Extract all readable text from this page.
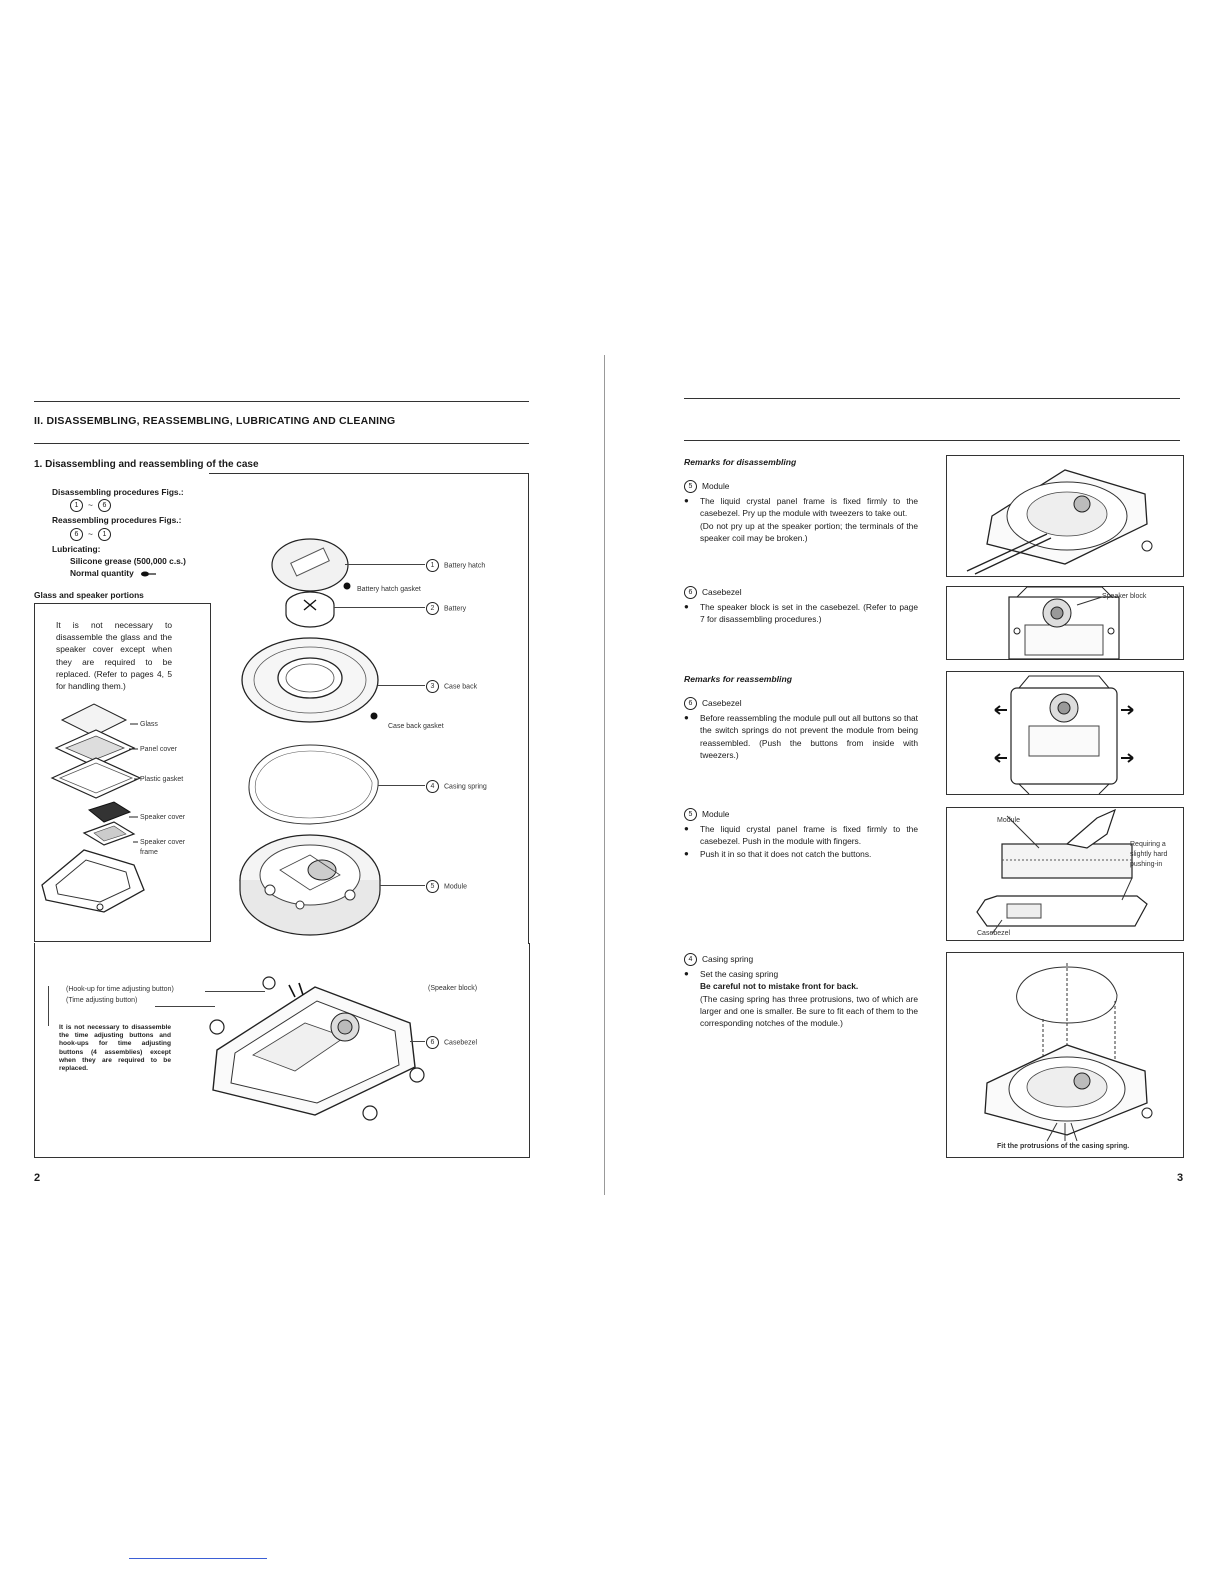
II. DISASSEMBLING, REASSEMBLING, LUBRICATING AND CLEANING
1. Disassembling and reassembling of the case
Disassembling procedures Figs.:
1 ~ 6
Reassembling procedures Figs.:
6 ~ 1
Lubricating:
Silicone grease (500,000 c.s.)
Normal quantity
Glass and speaker portions
It is not necessary to disassemble the glass and the speaker cover except when they are required to be replaced. (Refer to pages 4, 5 for handling them.)
Glass
Panel cover
Plastic gasket
Speaker cover
Speaker cover
frame
1 Battery hatch
Battery hatch gasket
2 Battery
3 Case back
Case back gasket
4 Casing spring
5 Module
(Hook-up for time adjusting button)
(Time adjusting button)
(Speaker block)
6 Casebezel
It is not necessary to disassemble the time adjusting buttons and hook-ups for time adjusting buttons (4 assemblies) except when they are required to be replaced.
2
Remarks for disassembling
5 Module
●	The liquid crystal panel frame is fixed firmly to the casebezel. Pry up the module with tweezers to take out.
(Do not pry up at the speaker portion; the terminals of the speaker coil may be broken.)
6 Casebezel
●	The speaker block is set in the casebezel. (Refer to page 7 for disassembling procedures.)
Remarks for reassembling
6 Casebezel
●	Before reassembling the module pull out all buttons so that the switch springs do not prevent the module from being reassembled. (Push the buttons from inside with tweezers.)
5 Module
●	The liquid crystal panel frame is fixed firmly to the casebezel. Push in the module with fingers.
●	Push it in so that it does not catch the buttons.
4 Casing spring
●	Set the casing spring
Be careful not to mistake front for back.
(The casing spring has three protrusions, two of which are larger and one is smaller. Be sure to fit each of them to the corresponding notches of the module.)
Speaker block
Module
Requiring a
slightly hard
pushing-in
Casebezel
Fit the protrusions of the casing spring.
3
